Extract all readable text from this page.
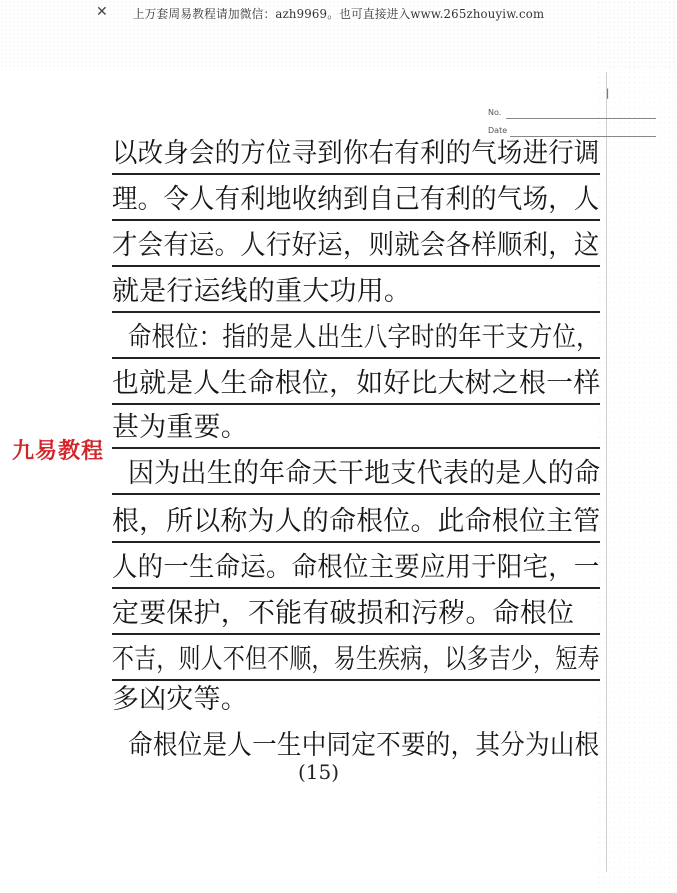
上万套周易教程请加微信：azh9969。也可直接进入www.265zhouyiw.com
✕
|
No.
Date
九易教程
以改身会的方位寻到你右有利的气场进行调
理。令人有利地收纳到自己有利的气场，人
才会有运。人行好运，则就会各样顺利，这
就是行运线的重大功用。
命根位：指的是人出生八字时的年干支方位，
也就是人生命根位，如好比大树之根一样
甚为重要。
因为出生的年命天干地支代表的是人的命
根，所以称为人的命根位。此命根位主管
人的一生命运。命根位主要应用于阳宅，一
定要保护，不能有破损和污秽。命根位
不吉，则人不但不顺，易生疾病，以多吉少，短寿
多凶灾等。
命根位是人一生中同定不要的，其分为山根
(15)
